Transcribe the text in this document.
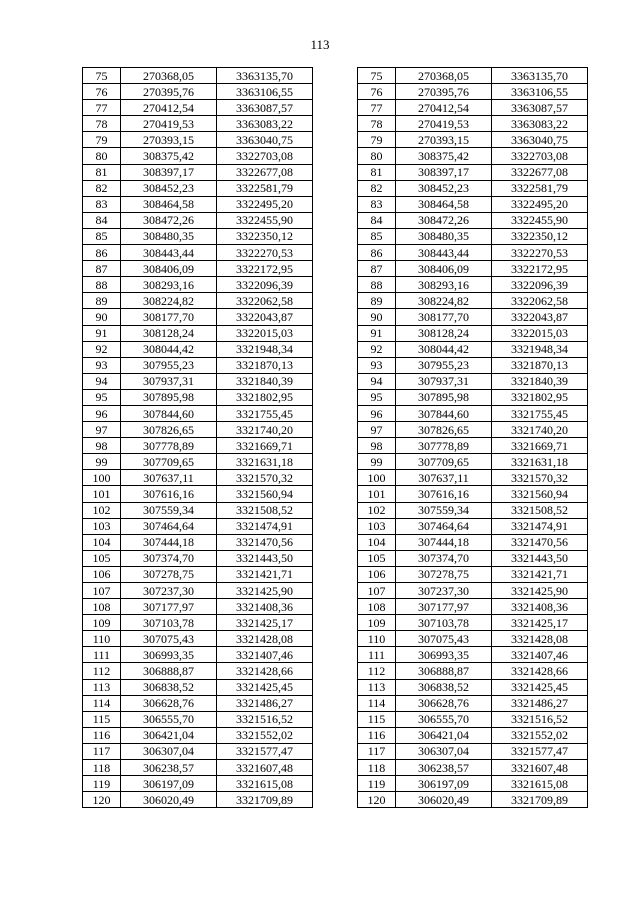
113
75	270368,05	3363135,70
76	270395,76	3363106,55
77	270412,54	3363087,57
78	270419,53	3363083,22
79	270393,15	3363040,75
80	308375,42	3322703,08
81	308397,17	3322677,08
82	308452,23	3322581,79
83	308464,58	3322495,20
84	308472,26	3322455,90
85	308480,35	3322350,12
86	308443,44	3322270,53
87	308406,09	3322172,95
88	308293,16	3322096,39
89	308224,82	3322062,58
90	308177,70	3322043,87
91	308128,24	3322015,03
92	308044,42	3321948,34
93	307955,23	3321870,13
94	307937,31	3321840,39
95	307895,98	3321802,95
96	307844,60	3321755,45
97	307826,65	3321740,20
98	307778,89	3321669,71
99	307709,65	3321631,18
100	307637,11	3321570,32
101	307616,16	3321560,94
102	307559,34	3321508,52
103	307464,64	3321474,91
104	307444,18	3321470,56
105	307374,70	3321443,50
106	307278,75	3321421,71
107	307237,30	3321425,90
108	307177,97	3321408,36
109	307103,78	3321425,17
110	307075,43	3321428,08
111	306993,35	3321407,46
112	306888,87	3321428,66
113	306838,52	3321425,45
114	306628,76	3321486,27
115	306555,70	3321516,52
116	306421,04	3321552,02
117	306307,04	3321577,47
118	306238,57	3321607,48
119	306197,09	3321615,08
120	306020,49	3321709,89
75	270368,05	3363135,70
76	270395,76	3363106,55
77	270412,54	3363087,57
78	270419,53	3363083,22
79	270393,15	3363040,75
80	308375,42	3322703,08
81	308397,17	3322677,08
82	308452,23	3322581,79
83	308464,58	3322495,20
84	308472,26	3322455,90
85	308480,35	3322350,12
86	308443,44	3322270,53
87	308406,09	3322172,95
88	308293,16	3322096,39
89	308224,82	3322062,58
90	308177,70	3322043,87
91	308128,24	3322015,03
92	308044,42	3321948,34
93	307955,23	3321870,13
94	307937,31	3321840,39
95	307895,98	3321802,95
96	307844,60	3321755,45
97	307826,65	3321740,20
98	307778,89	3321669,71
99	307709,65	3321631,18
100	307637,11	3321570,32
101	307616,16	3321560,94
102	307559,34	3321508,52
103	307464,64	3321474,91
104	307444,18	3321470,56
105	307374,70	3321443,50
106	307278,75	3321421,71
107	307237,30	3321425,90
108	307177,97	3321408,36
109	307103,78	3321425,17
110	307075,43	3321428,08
111	306993,35	3321407,46
112	306888,87	3321428,66
113	306838,52	3321425,45
114	306628,76	3321486,27
115	306555,70	3321516,52
116	306421,04	3321552,02
117	306307,04	3321577,47
118	306238,57	3321607,48
119	306197,09	3321615,08
120	306020,49	3321709,89
